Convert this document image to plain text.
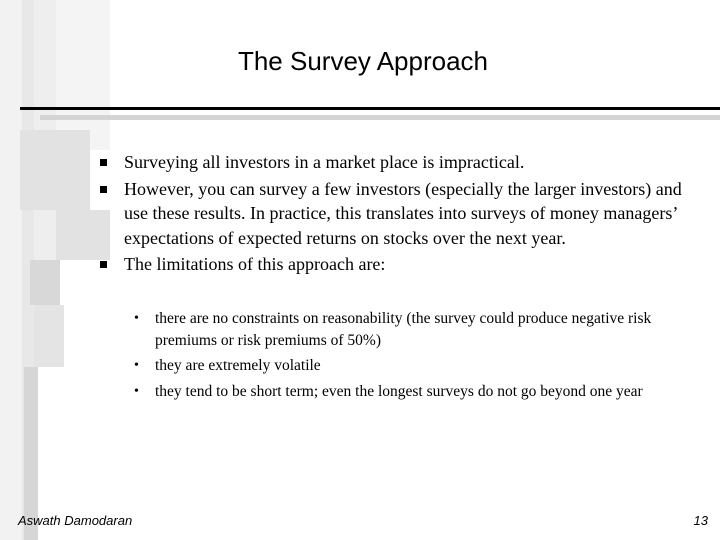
The Survey Approach
Surveying all investors in a market place is impractical.
However, you can survey a few investors (especially the larger investors) and use these results. In practice, this translates into surveys of money managers’ expectations of expected returns on stocks over the next year.
The limitations of this approach are:
• there are no constraints on reasonability (the survey could produce negative risk premiums or risk premiums of 50%)
• they are extremely volatile
• they tend to be short term; even the longest surveys do not go beyond one year
Aswath Damodaran	13
